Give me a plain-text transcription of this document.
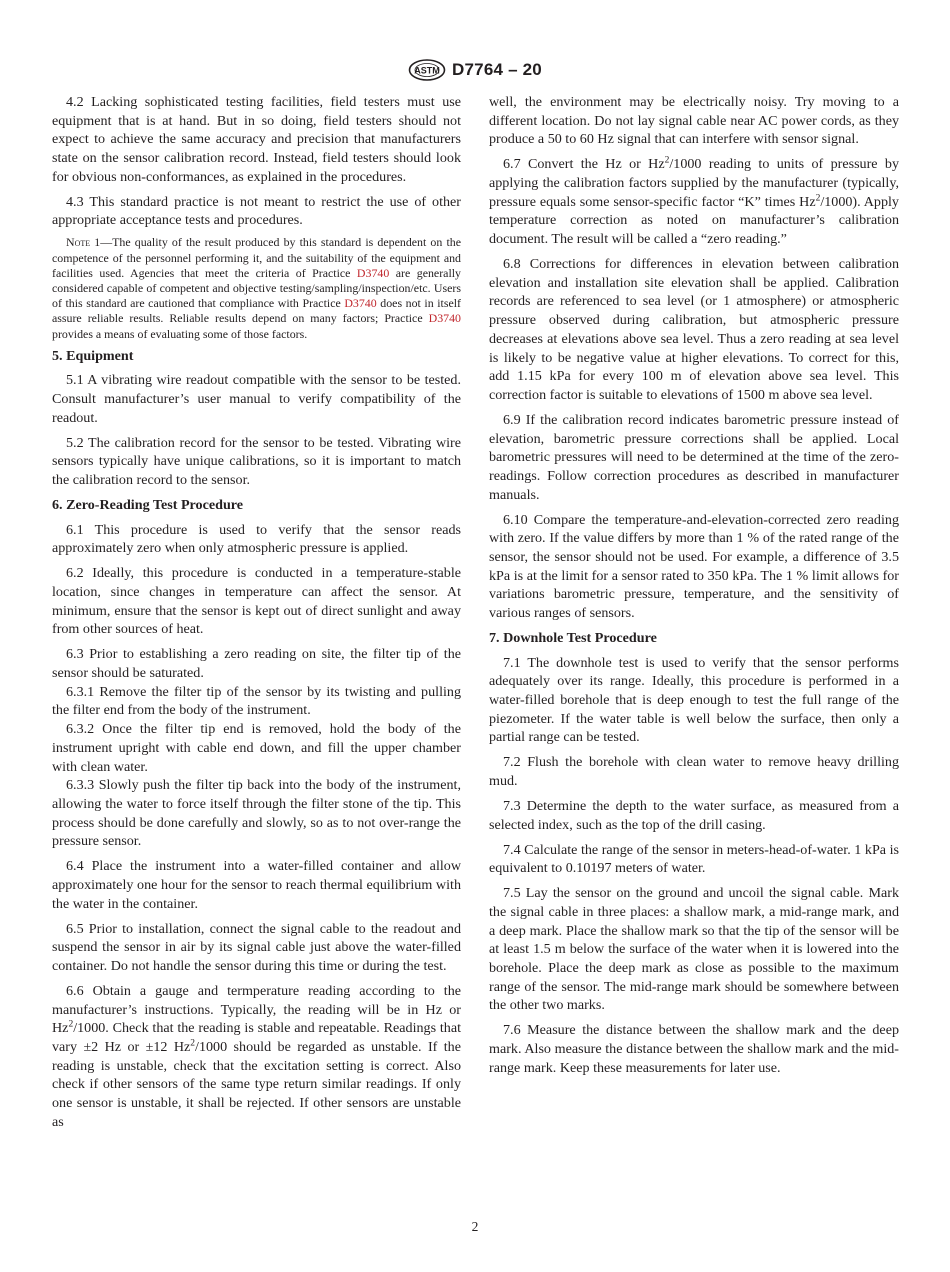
ASTM D7764 – 20

4.2 Lacking sophisticated testing facilities, field testers must use equipment that is at hand. But in so doing, field testers should not expect to achieve the same accuracy and precision that manufacturers state on the sensor calibration record. Instead, field testers should look for obvious non-conformances, as explained in the procedures.

4.3 This standard practice is not meant to restrict the use of other appropriate acceptance tests and procedures.

Note 1—The quality of the result produced by this standard is dependent on the competence of the personnel performing it, and the suitability of the equipment and facilities used. Agencies that meet the criteria of Practice D3740 are generally considered capable of competent and objective testing/sampling/inspection/etc. Users of this standard are cautioned that compliance with Practice D3740 does not in itself assure reliable results. Reliable results depend on many factors; Practice D3740 provides a means of evaluating some of those factors.

5. Equipment

5.1 A vibrating wire readout compatible with the sensor to be tested. Consult manufacturer’s user manual to verify compatibility of the readout.

5.2 The calibration record for the sensor to be tested. Vibrating wire sensors typically have unique calibrations, so it is important to match the calibration record to the sensor.

6. Zero-Reading Test Procedure

6.1 This procedure is used to verify that the sensor reads approximately zero when only atmospheric pressure is applied.

6.2 Ideally, this procedure is conducted in a temperature-stable location, since changes in temperature can affect the sensor. At minimum, ensure that the sensor is kept out of direct sunlight and away from other sources of heat.

6.3 Prior to establishing a zero reading on site, the filter tip of the sensor should be saturated.

6.3.1 Remove the filter tip of the sensor by its twisting and pulling the filter end from the body of the instrument.

6.3.2 Once the filter tip end is removed, hold the body of the instrument upright with cable end down, and fill the upper chamber with clean water.

6.3.3 Slowly push the filter tip back into the body of the instrument, allowing the water to force itself through the filter stone of the tip. This process should be done carefully and slowly, so as to not over-range the pressure sensor.

6.4 Place the instrument into a water-filled container and allow approximately one hour for the sensor to reach thermal equilibrium with the water in the container.

6.5 Prior to installation, connect the signal cable to the readout and suspend the sensor in air by its signal cable just above the water-filled container. Do not handle the sensor during this time or during the test.

6.6 Obtain a gauge and termperature reading according to the manufacturer’s instructions. Typically, the reading will be in Hz or Hz$^2$/1000. Check that the reading is stable and repeatable. Readings that vary ±2 Hz or ±12 Hz$^2$/1000 should be regarded as unstable. If the reading is unstable, check that the excitation setting is correct. Also check if other sensors of the same type return similar readings. If only one sensor is unstable, it shall be rejected. If other sensors are unstable as

well, the environment may be electrically noisy. Try moving to a different location. Do not lay signal cable near AC power cords, as they produce a 50 to 60 Hz signal that can interfere with sensor signal.

6.7 Convert the Hz or Hz$^2$/1000 reading to units of pressure by applying the calibration factors supplied by the manufacturer (typically, pressure equals some sensor-specific factor “K” times Hz$^2$/1000). Apply temperature correction as noted on manufacturer’s calibration document. The result will be called a “zero reading.”

6.8 Corrections for differences in elevation between calibration elevation and installation site elevation shall be applied. Calibration records are referenced to sea level (or 1 atmosphere) or atmospheric pressure observed during calibration, but atmospheric pressure decreases at elevations above sea level. Thus a zero reading at sea level is likely to be negative value at higher elevations. To correct for this, add 1.15 kPa for every 100 m of elevation above sea level. This correction factor is suitable to elevations of 1500 m above sea level.

6.9 If the calibration record indicates barometric pressure instead of elevation, barometric pressure corrections shall be applied. Local barometric pressures will need to be determined at the time of the zero-readings. Follow correction procedures as described in manufacturer manuals.

6.10 Compare the temperature-and-elevation-corrected zero reading with zero. If the value differs by more than 1 % of the rated range of the sensor, the sensor should not be used. For example, a difference of 3.5 kPa is at the limit for a sensor rated to 350 kPa. The 1 % limit allows for variations barometric pressure, temperature, and the sensitivity of various ranges of sensors.

7. Downhole Test Procedure

7.1 The downhole test is used to verify that the sensor performs adequately over its range. Ideally, this procedure is performed in a water-filled borehole that is deep enough to test the full range of the piezometer. If the water table is well below the surface, then only a partial range can be tested.

7.2 Flush the borehole with clean water to remove heavy drilling mud.

7.3 Determine the depth to the water surface, as measured from a selected index, such as the top of the drill casing.

7.4 Calculate the range of the sensor in meters-head-of-water. 1 kPa is equivalent to 0.10197 meters of water.

7.5 Lay the sensor on the ground and uncoil the signal cable. Mark the signal cable in three places: a shallow mark, a mid-range mark, and a deep mark. Place the shallow mark so that the tip of the sensor will be at least 1.5 m below the surface of the water when it is lowered into the borehole. Place the deep mark as close as possible to the maximum range of the sensor. The mid-range mark should be somewhere between the other two marks.

7.6 Measure the distance between the shallow mark and the deep mark. Also measure the distance between the shallow mark and the mid-range mark. Keep these measurements for later use.

2
